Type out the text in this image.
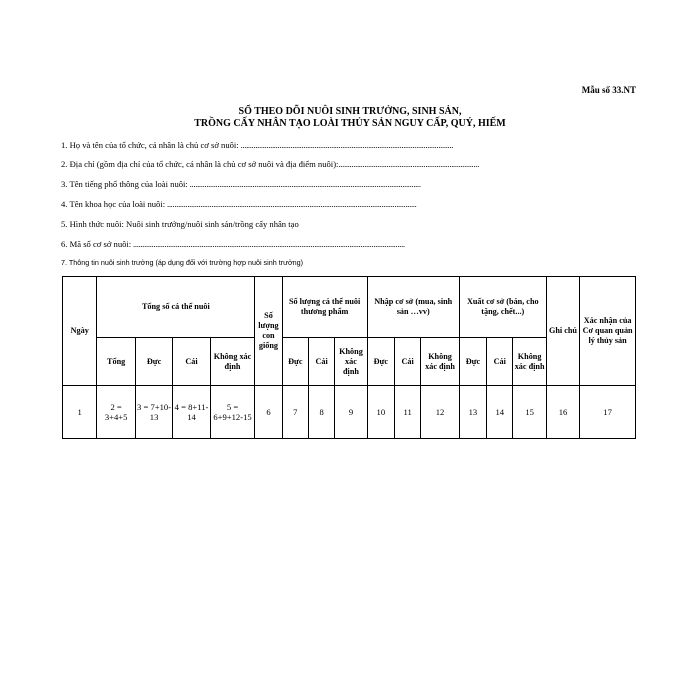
Mẫu số 33.NT
SỔ THEO DÕI NUÔI SINH TRƯỞNG, SINH SẢN,
TRỒNG CẤY NHÂN TẠO LOÀI THỦY SẢN NGUY CẤP, QUÝ, HIẾM
1. Họ và tên của tổ chức, cá nhân là chủ cơ sở nuôi: ...................................................................................................................
2. Địa chỉ (gồm địa chỉ của tổ chức, cá nhân là chủ cơ sở nuôi và địa điểm nuôi):............................................................................
3. Tên tiếng phổ thông của loài nuôi: .............................................................................................................................
4. Tên khoa học của loài nuôi: .......................................................................................................................................
5. Hình thức nuôi: Nuôi sinh trưởng/nuôi sinh sản/trồng cấy nhân tạo
6. Mã số cơ sở nuôi: ...................................................................................................................................................
7. Thông tin nuôi sinh trưởng (áp dụng đối với trường hợp nuôi sinh trưởng)
Ngày	Tổng số cá thể nuôi				Số lượng con giống	Số lượng cá thể nuôi thương phẩm			Nhập cơ sở (mua, sinh sản …vv)			Xuất cơ sở (bán, cho tặng, chết...)			Ghi chú	Xác nhận của Cơ quan quản lý thủy sản
	Tổng	Đực	Cái	Không xác định		Đực	Cái	Không xác định	Đực	Cái	Không xác định	Đực	Cái	Không xác định		
1	2 = 3+4+5	3 = 7+10-13	4 = 8+11-14	5 = 6+9+12-15	6	7	8	9	10	11	12	13	14	15	16	17
